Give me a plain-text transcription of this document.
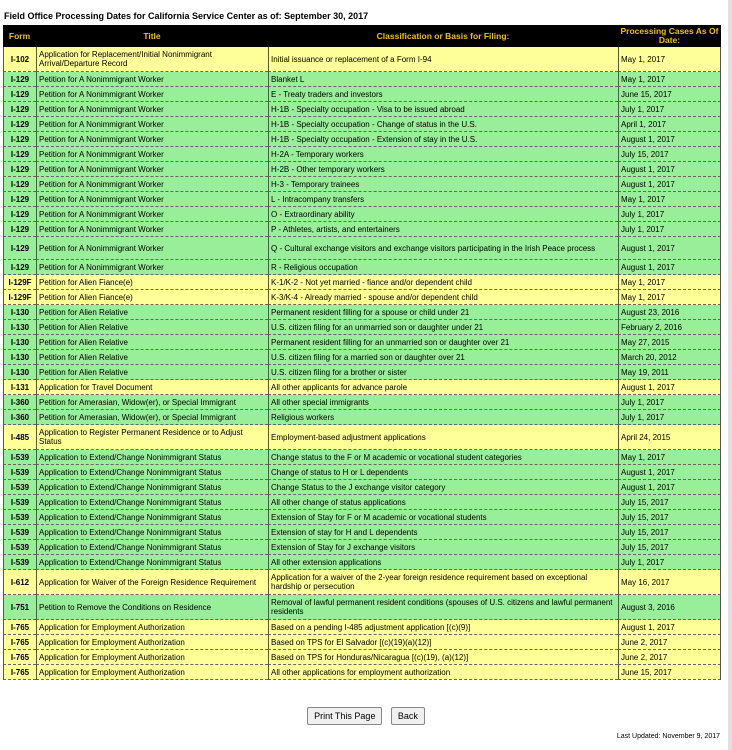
Field Office Processing Dates for California Service Center as of: September 30, 2017
Form	Title	Classification or Basis for Filing:	Processing Cases As Of Date:
I-102	Application for Replacement/Initial Nonimmigrant Arrival/Departure Record	Initial issuance or replacement of a Form I-94	May 1, 2017
I-129	Petition for A Nonimmigrant Worker	Blanket L	May 1, 2017
I-129	Petition for A Nonimmigrant Worker	E - Treaty traders and investors	June 15, 2017
I-129	Petition for A Nonimmigrant Worker	H-1B - Specialty occupation - Visa to be issued abroad	July 1, 2017
I-129	Petition for A Nonimmigrant Worker	H-1B - Specialty occupation - Change of status in the U.S.	April 1, 2017
I-129	Petition for A Nonimmigrant Worker	H-1B - Specialty occupation - Extension of stay in the U.S.	August 1, 2017
I-129	Petition for A Nonimmigrant Worker	H-2A - Temporary workers	July 15, 2017
I-129	Petition for A Nonimmigrant Worker	H-2B - Other temporary workers	August 1, 2017
I-129	Petition for A Nonimmigrant Worker	H-3 - Temporary trainees	August 1, 2017
I-129	Petition for A Nonimmigrant Worker	L - Intracompany transfers	May 1, 2017
I-129	Petition for A Nonimmigrant Worker	O - Extraordinary ability	July 1, 2017
I-129	Petition for A Nonimmigrant Worker	P - Athletes, artists, and entertainers	July 1, 2017
I-129	Petition for A Nonimmigrant Worker	Q - Cultural exchange visitors and exchange visitors participating in the Irish Peace process	August 1, 2017
I-129	Petition for A Nonimmigrant Worker	R - Religious occupation	August 1, 2017
I-129F	Petition for Alien Fiance(e)	K-1/K-2 - Not yet married - fiance and/or dependent child	May 1, 2017
I-129F	Petition for Alien Fiance(e)	K-3/K-4 - Already married - spouse and/or dependent child	May 1, 2017
I-130	Petition for Alien Relative	Permanent resident filling for a spouse or child under 21	August 23, 2016
I-130	Petition for Alien Relative	U.S. citizen filing for an unmarried son or daughter under 21	February 2, 2016
I-130	Petition for Alien Relative	Permanent resident filling for an unmarried son or daughter over 21	May 27, 2015
I-130	Petition for Alien Relative	U.S. citizen filing for a married son or daughter over 21	March 20, 2012
I-130	Petition for Alien Relative	U.S. citizen filing for a brother or sister	May 19, 2011
I-131	Application for Travel Document	All other applicants for advance parole	August 1, 2017
I-360	Petition for Amerasian, Widow(er), or Special Immigrant	All other special immigrants	July 1, 2017
I-360	Petition for Amerasian, Widow(er), or Special Immigrant	Religious workers	July 1, 2017
I-485	Application to Register Permanent Residence or to Adjust Status	Employment-based adjustment applications	April 24, 2015
I-539	Application to Extend/Change Nonimmigrant Status	Change status to the F or M academic or vocational student categories	May 1, 2017
I-539	Application to Extend/Change Nonimmigrant Status	Change of status to H or L dependents	August 1, 2017
I-539	Application to Extend/Change Nonimmigrant Status	Change Status to the J exchange visitor category	August 1, 2017
I-539	Application to Extend/Change Nonimmigrant Status	All other change of status applications	July 15, 2017
I-539	Application to Extend/Change Nonimmigrant Status	Extension of Stay for F or M academic or vocational students	July 15, 2017
I-539	Application to Extend/Change Nonimmigrant Status	Extension of stay for H and L dependents	July 15, 2017
I-539	Application to Extend/Change Nonimmigrant Status	Extension of Stay for J exchange visitors	July 15, 2017
I-539	Application to Extend/Change Nonimmigrant Status	All other extension applications	July 1, 2017
I-612	Application for Waiver of the Foreign Residence Requirement	Application for a waiver of the 2-year foreign residence requirement based on exceptional hardship or persecution	May 16, 2017
I-751	Petition to Remove the Conditions on Residence	Removal of lawful permanent resident conditions (spouses of U.S. citizens and lawful permanent residents	August 3, 2016
I-765	Application for Employment Authorization	Based on a pending I-485 adjustment application [(c)(9)]	August 1, 2017
I-765	Application for Employment Authorization	Based on TPS for El Salvador [(c)(19)(a)(12)]	June 2, 2017
I-765	Application for Employment Authorization	Based on TPS for Honduras/Nicaragua [(c)(19), (a)(12)]	June 2, 2017
I-765	Application for Employment Authorization	All other applications for employment authorization	June 15, 2017
Print This Page Back
Last Updated: November 9, 2017
